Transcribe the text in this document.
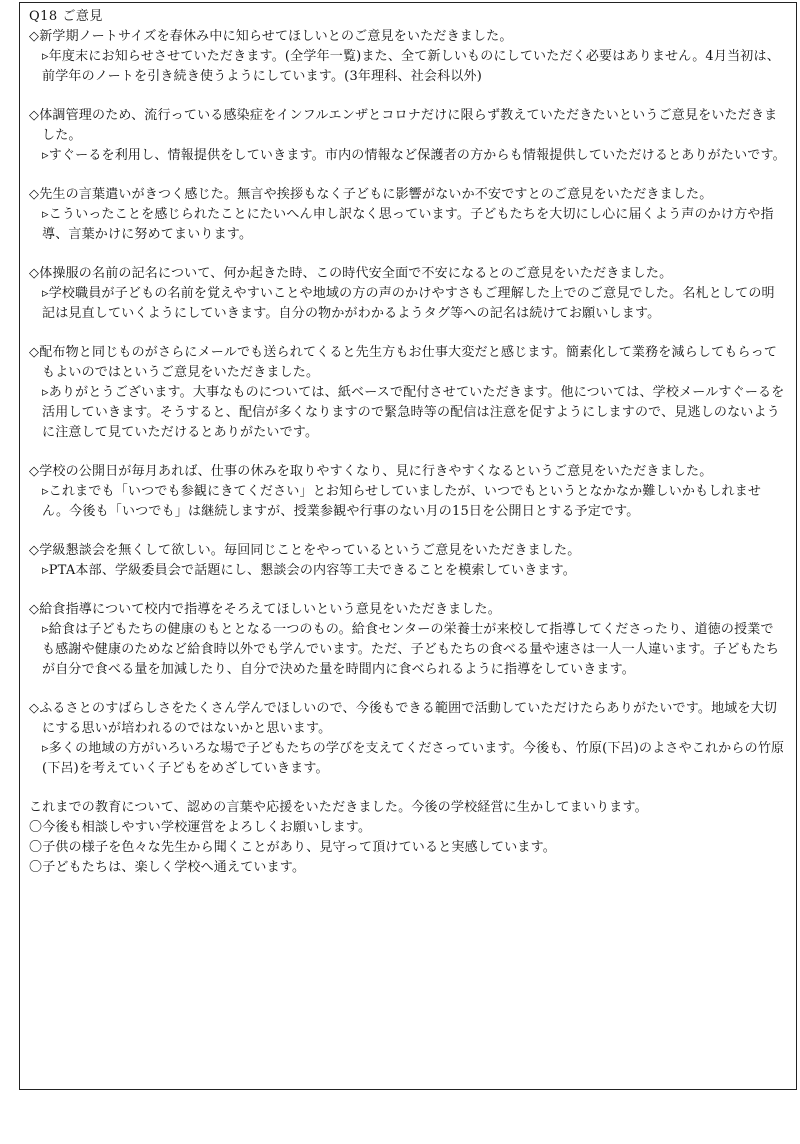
Q18 ご意見

◇新学期ノートサイズを春休み中に知らせてほしいとのご意見をいただきました。

▹年度末にお知らせさせていただきます。(全学年一覧)また、全て新しいものにしていただく必要はありません。4月当初は、前学年のノートを引き続き使うようにしています。(3年理科、社会科以外)

◇体調管理のため、流行っている感染症をインフルエンザとコロナだけに限らず教えていただきたいというご意見をいただきました。

▹すぐーるを利用し、情報提供をしていきます。市内の情報など保護者の方からも情報提供していただけるとありがたいです。

◇先生の言葉遣いがきつく感じた。無言や挨拶もなく子どもに影響がないか不安ですとのご意見をいただきました。

▹こういったことを感じられたことにたいへん申し訳なく思っています。子どもたちを大切にし心に届くよう声のかけ方や指導、言葉かけに努めてまいります。

◇体操服の名前の記名について、何か起きた時、この時代安全面で不安になるとのご意見をいただきました。

▹学校職員が子どもの名前を覚えやすいことや地域の方の声のかけやすさもご理解した上でのご意見でした。名札としての明記は見直していくようにしていきます。自分の物かがわかるようタグ等への記名は続けてお願いします。

◇配布物と同じものがさらにメールでも送られてくると先生方もお仕事大変だと感じます。簡素化して業務を減らしてもらってもよいのではというご意見をいただきました。

▹ありがとうございます。大事なものについては、紙ベースで配付させていただきます。他については、学校メールすぐーるを活用していきます。そうすると、配信が多くなりますので緊急時等の配信は注意を促すようにしますので、見逃しのないように注意して見ていただけるとありがたいです。

◇学校の公開日が毎月あれば、仕事の休みを取りやすくなり、見に行きやすくなるというご意見をいただきました。

▹これまでも「いつでも参観にきてください」とお知らせしていましたが、いつでもというとなかなか難しいかもしれません。今後も「いつでも」は継続しますが、授業参観や行事のない月の15日を公開日とする予定です。

◇学級懇談会を無くして欲しい。毎回同じことをやっているというご意見をいただきました。

▹PTA本部、学級委員会で話題にし、懇談会の内容等工夫できることを模索していきます。

◇給食指導について校内で指導をそろえてほしいという意見をいただきました。

▹給食は子どもたちの健康のもととなる一つのもの。給食センターの栄養士が来校して指導してくださったり、道徳の授業でも感謝や健康のためなど給食時以外でも学んでいます。ただ、子どもたちの食べる量や速さは一人一人違います。子どもたちが自分で食べる量を加減したり、自分で決めた量を時間内に食べられるように指導をしていきます。

◇ふるさとのすばらしさをたくさん学んでほしいので、今後もできる範囲で活動していただけたらありがたいです。地域を大切にする思いが培われるのではないかと思います。

▹多くの地域の方がいろいろな場で子どもたちの学びを支えてくださっています。今後も、竹原(下呂)のよさやこれからの竹原(下呂)を考えていく子どもをめざしていきます。

これまでの教育について、認めの言葉や応援をいただきました。今後の学校経営に生かしてまいります。

〇今後も相談しやすい学校運営をよろしくお願いします。

〇子供の様子を色々な先生から聞くことがあり、見守って頂けていると実感しています。

〇子どもたちは、楽しく学校へ通えています。
